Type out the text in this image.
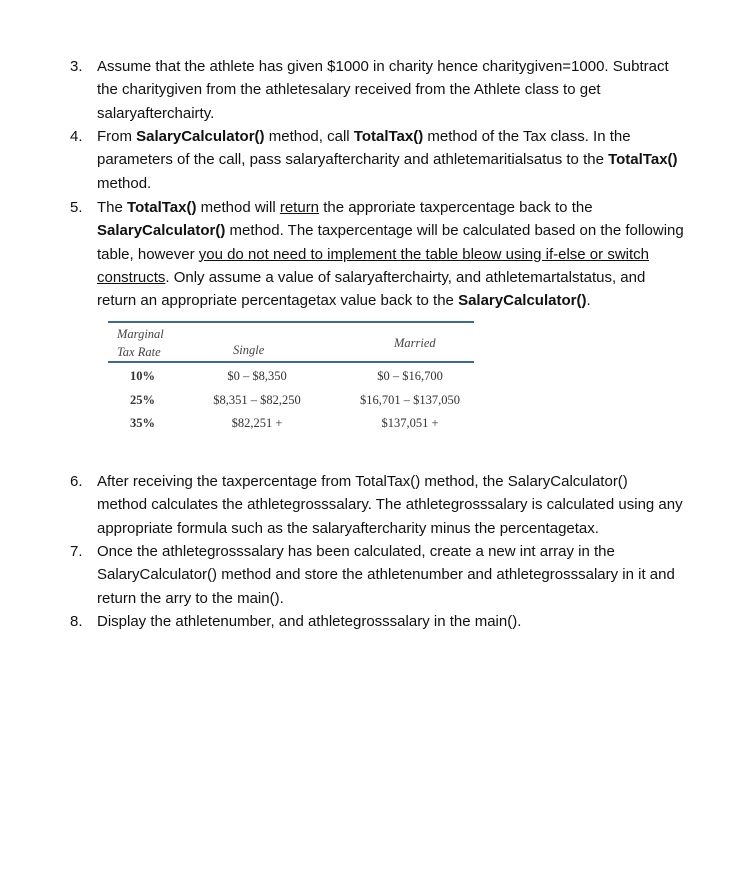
3. Assume that the athlete has given $1000 in charity hence charitygiven=1000. Subtract
the charitygiven from the athletesalary received from the Athlete class to get
salaryafterchairty.
4. From SalaryCalculator() method, call TotalTax() method of the Tax class. In the
parameters of the call, pass salaryaftercharity and athletemaritialsatus to the TotalTax()
method.
5. The TotalTax() method will return the approriate taxpercentage back to the
SalaryCalculator() method. The taxpercentage will be calculated based on the following
table, however you do not need to implement the table bleow using if-else or switch
constructs. Only assume a value of salaryafterchairty, and athletemartalstatus, and
return an appropriate percentagetax value back to the SalaryCalculator().
Marginal
Tax Rate	Single	Married
10%	$0 – $8,350	$0 – $16,700
25%	$8,351 – $82,250	$16,701 – $137,050
35%	$82,251 +	$137,051 +
6. After receiving the taxpercentage from TotalTax() method, the SalaryCalculator()
method calculates the athletegrosssalary. The athletegrosssalary is calculated using any
appropriate formula such as the salaryaftercharity minus the percentagetax.
7. Once the athletegrosssalary has been calculated, create a new int array in the
SalaryCalculator() method and store the athletenumber and athletegrosssalary in it and
return the arry to the main().
8. Display the athletenumber, and athletegrosssalary in the main().
